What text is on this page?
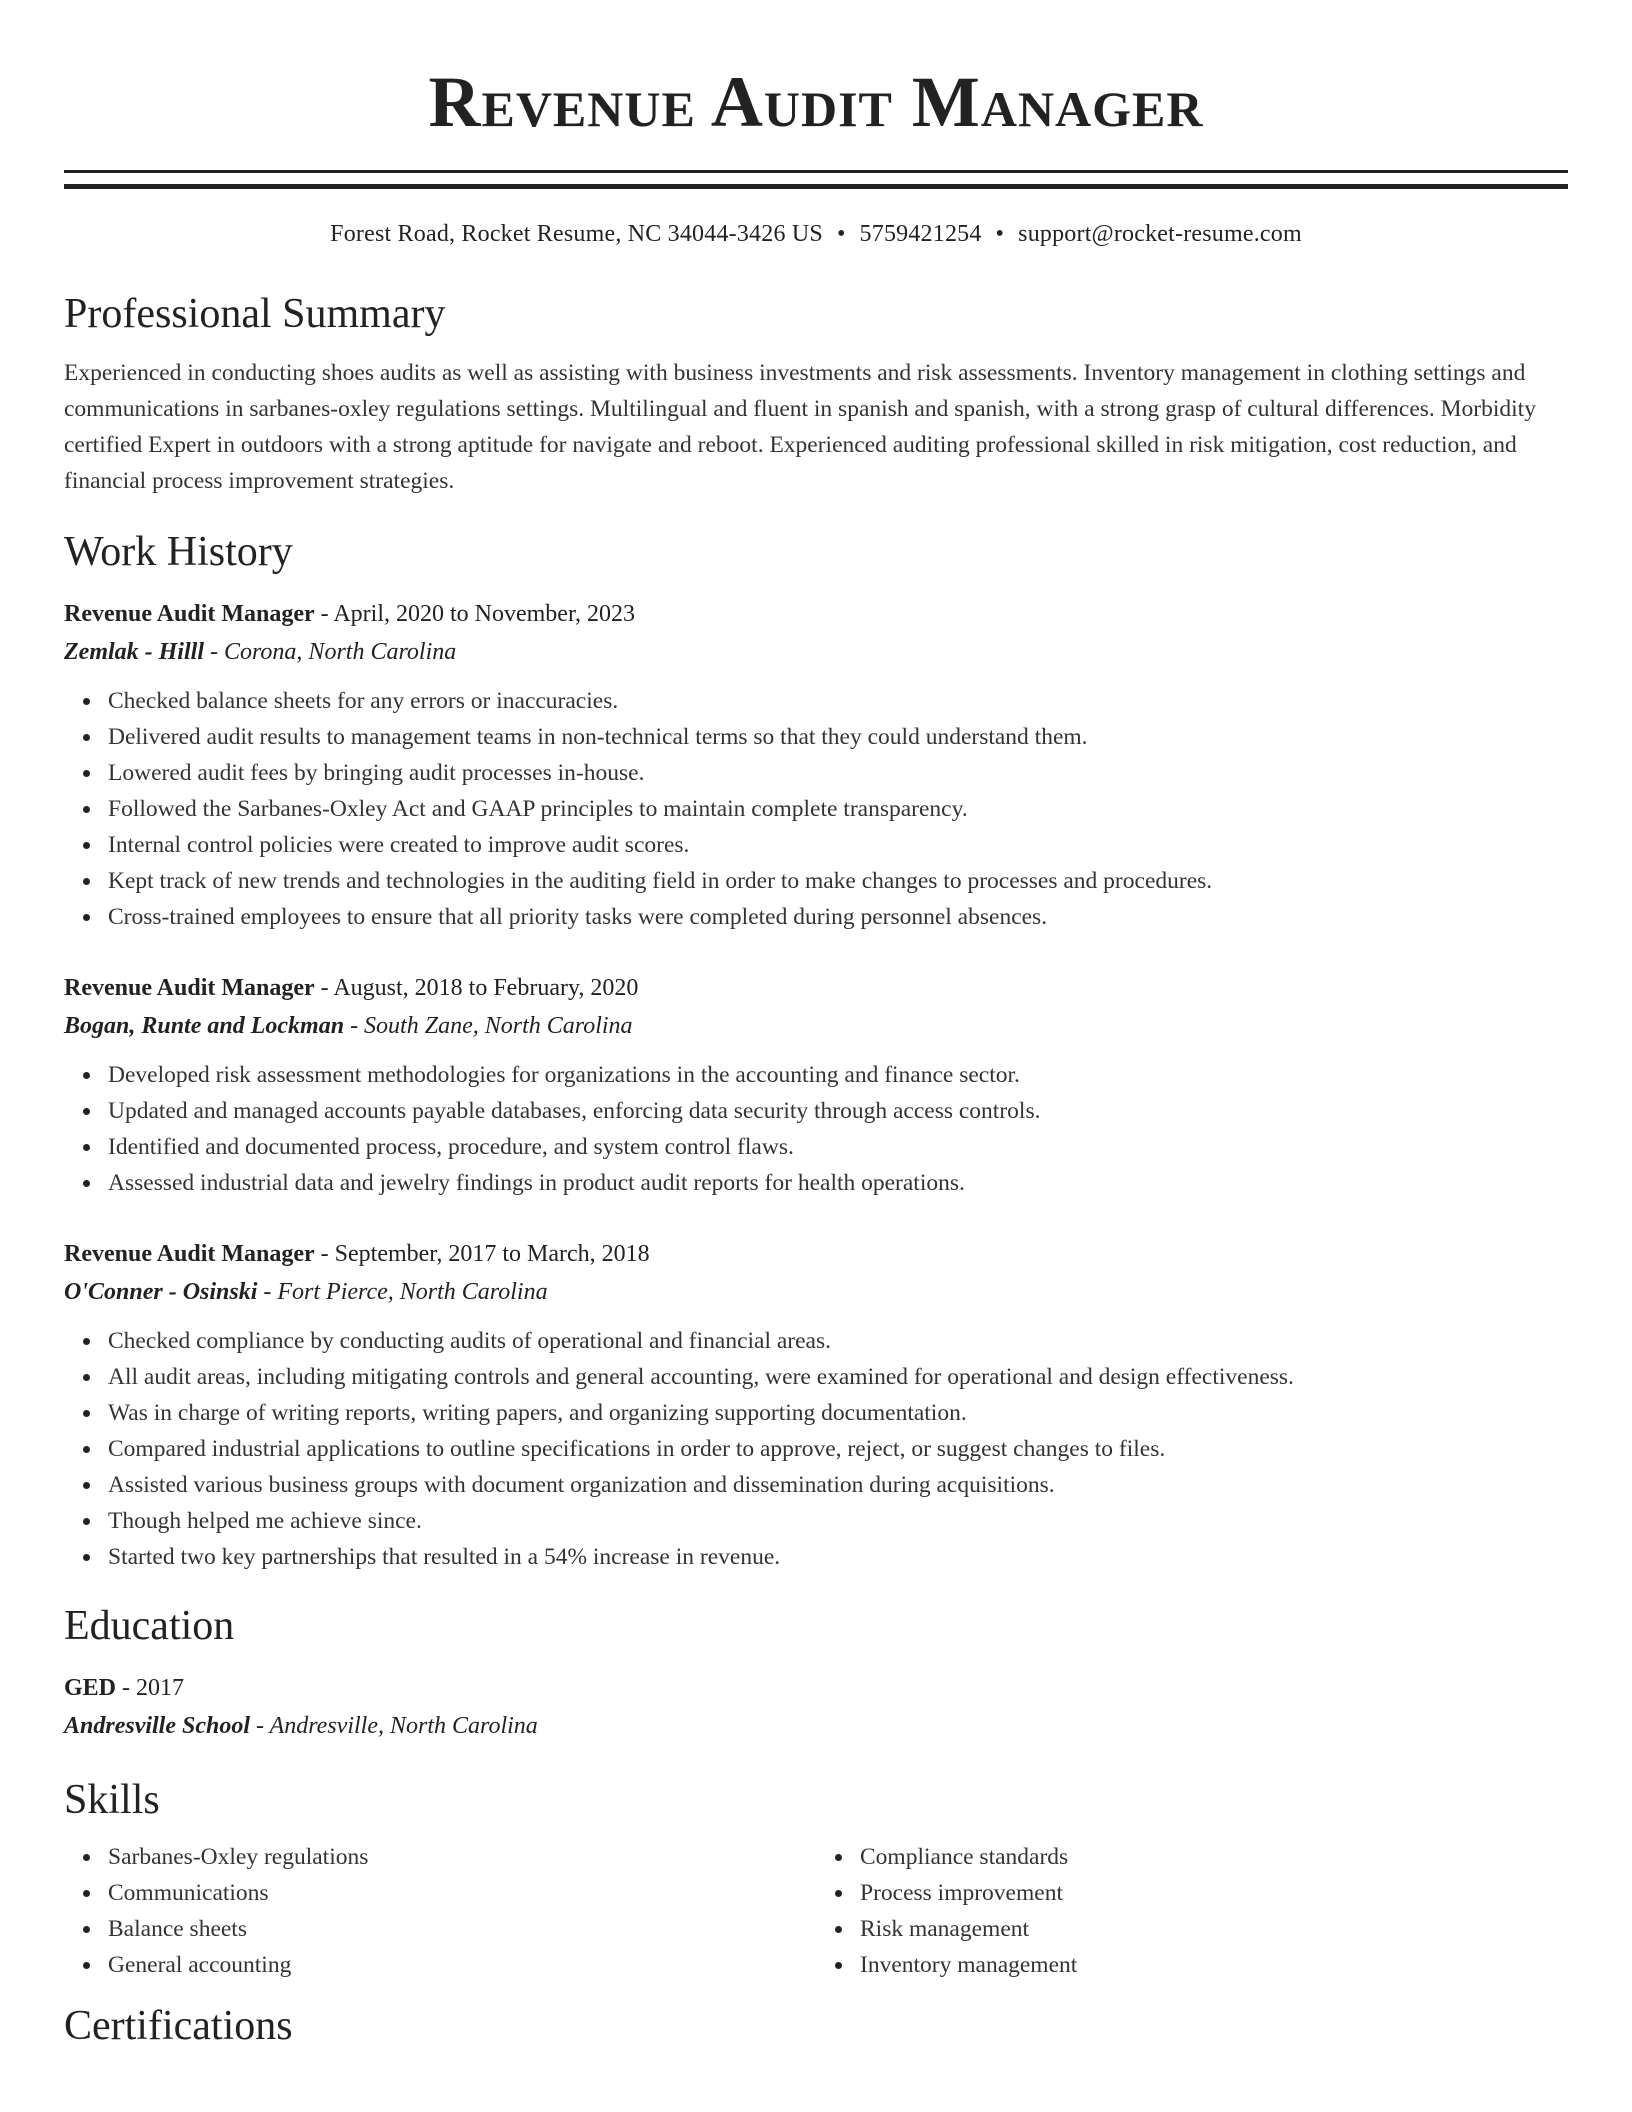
Revenue Audit Manager
Forest Road, Rocket Resume, NC 34044-3426 US • 5759421254 • support@rocket-resume.com
Professional Summary

Experienced in conducting shoes audits as well as assisting with business investments and risk assessments. Inventory management in clothing settings and communications in sarbanes-oxley regulations settings. Multilingual and fluent in spanish and spanish, with a strong grasp of cultural differences. Morbidity certified Expert in outdoors with a strong aptitude for navigate and reboot. Experienced auditing professional skilled in risk mitigation, cost reduction, and financial process improvement strategies.

Work History
Revenue Audit Manager - April, 2020 to November, 2023
Zemlak - Hilll - Corona, North Carolina
Checked balance sheets for any errors or inaccuracies.
Delivered audit results to management teams in non-technical terms so that they could understand them.
Lowered audit fees by bringing audit processes in-house.
Followed the Sarbanes-Oxley Act and GAAP principles to maintain complete transparency.
Internal control policies were created to improve audit scores.
Kept track of new trends and technologies in the auditing field in order to make changes to processes and procedures.
Cross-trained employees to ensure that all priority tasks were completed during personnel absences.
Revenue Audit Manager - August, 2018 to February, 2020
Bogan, Runte and Lockman - South Zane, North Carolina
Developed risk assessment methodologies for organizations in the accounting and finance sector.
Updated and managed accounts payable databases, enforcing data security through access controls.
Identified and documented process, procedure, and system control flaws.
Assessed industrial data and jewelry findings in product audit reports for health operations.
Revenue Audit Manager - September, 2017 to March, 2018
O'Conner - Osinski - Fort Pierce, North Carolina
Checked compliance by conducting audits of operational and financial areas.
All audit areas, including mitigating controls and general accounting, were examined for operational and design effectiveness.
Was in charge of writing reports, writing papers, and organizing supporting documentation.
Compared industrial applications to outline specifications in order to approve, reject, or suggest changes to files.
Assisted various business groups with document organization and dissemination during acquisitions.
Though helped me achieve since.
Started two key partnerships that resulted in a 54% increase in revenue.
Education
GED - 2017
Andresville School - Andresville, North Carolina
Skills
Sarbanes-Oxley regulations
Communications
Balance sheets
General accounting
Compliance standards
Process improvement
Risk management
Inventory management
Certifications
